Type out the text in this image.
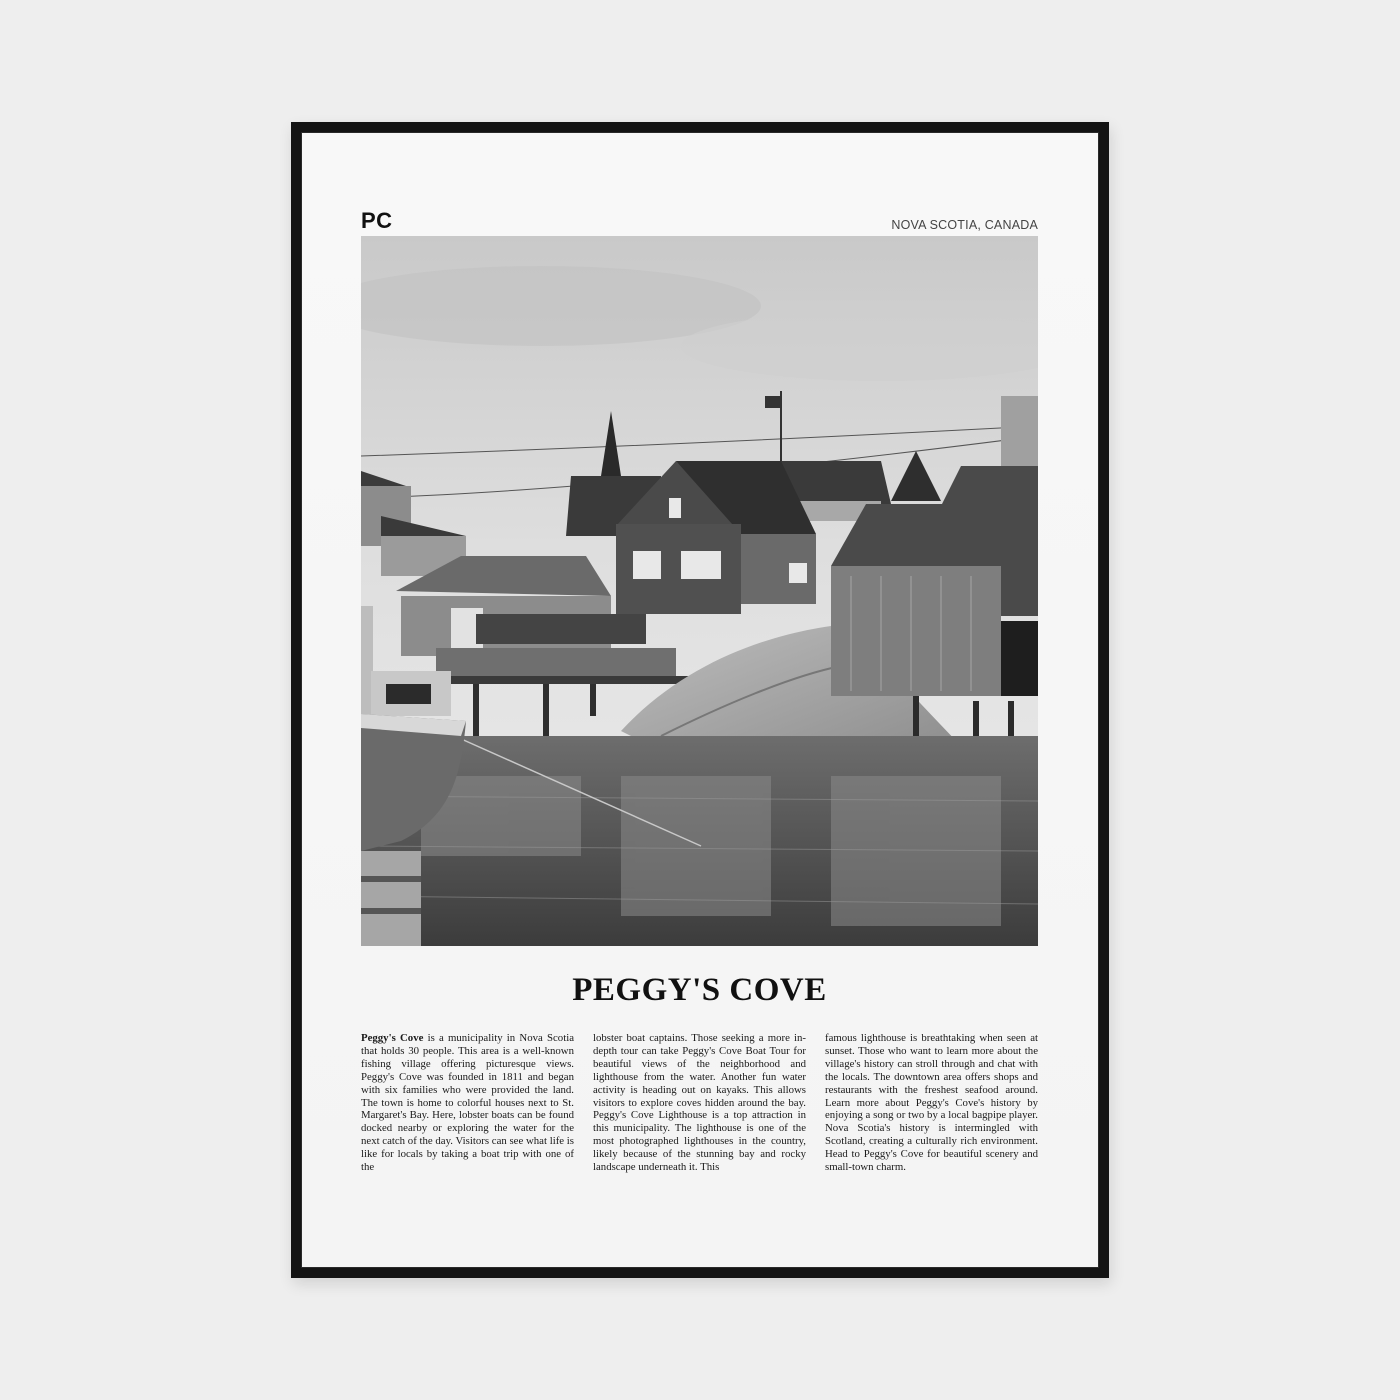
PC	NOVA SCOTIA, CANADA
PEGGY'S COVE
Peggy's Cove is a municipality in Nova Scotia that holds 30 people. This area is a well-known fishing village offering picturesque views. Peggy's Cove was founded in 1811 and began with six families who were provided the land. The town is home to colorful houses next to St. Margaret's Bay. Here, lobster boats can be found docked nearby or exploring the water for the next catch of the day. Visitors can see what life is like for locals by taking a boat trip with one of the
lobster boat captains. Those seeking a more in-depth tour can take Peggy's Cove Boat Tour for beautiful views of the neighborhood and lighthouse from the water. Another fun water activity is heading out on kayaks. This allows visitors to explore coves hidden around the bay. Peggy's Cove Lighthouse is a top attraction in this municipality. The lighthouse is one of the most photographed lighthouses in the country, likely because of the stunning bay and rocky landscape underneath it. This
famous lighthouse is breathtaking when seen at sunset. Those who want to learn more about the village's history can stroll through and chat with the locals. The downtown area offers shops and restaurants with the freshest seafood around. Learn more about Peggy's Cove's history by enjoying a song or two by a local bagpipe player. Nova Scotia's history is intermingled with Scotland, creating a culturally rich environment. Head to Peggy's Cove for beautiful scenery and small-town charm.
